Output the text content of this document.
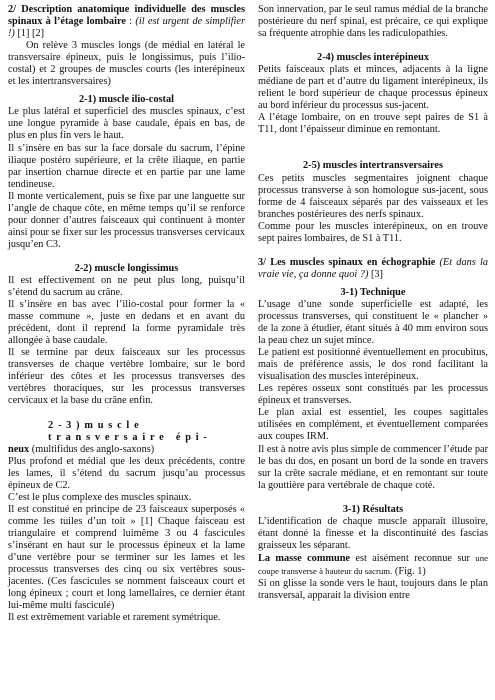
2/ Description anatomique individuelle des muscles spinaux à l’étage lombaire : (il est urgent de simplifier !) [1] [2]

On relève 3 muscles longs (de médial en latéral le transversaire épineux, puis le longissimus, puis l’ilio-costal) et 2 groupes de muscles courts (les interépineux et les intertransversaires)

2-1) muscle ilio-costal

Le plus latéral et superficiel des muscles spinaux, c’est une longue pyramide à base caudale, épais en bas, de plus en plus fin vers le haut.

Il s’insère en bas sur la face dorsale du sacrum, l’épine iliaque postéro supérieure, et la crête iliaque, en partie par insertion charnue directe et en partie par une lame tendineuse.

Il monte verticalement, puis se fixe par une languette sur l’angle de chaque côte, en même temps qu’il se renforce pour donner d’autres faisceaux qui continuent à monter ainsi pour se fixer sur les processus transverses cervicaux jusqu’en C3.

2-2) muscle longissimus

Il est effectivement on ne peut plus long, puisqu’il s’étend du sacrum au crâne.

Il s’insère en bas avec l’ilio-costal pour former la « masse commune », juste en dedans et en avant du précédent, dont il reprend la forme pyramidale très allongée à base caudale.

Il se termine par deux faisceaux sur les processus transverses de chaque vertèbre lombaire, sur le bord inférieur des côtes et les processus transverses des vertèbres thoraciques, sur les processus transverses cervicaux et la base du crâne enfin.

2-3)muscle transversaire épi-

neux (multifidus des anglo-saxons)

Plus profond et médial que les deux précédents, contre les lames, il s’étend du sacrum jusqu’au processus épineux de C2.

C’est le plus complexe des muscles spinaux.

Il est constitué en principe de 23 faisceaux superposés « comme les tuiles d’un toit » [1] Chaque faisceau est triangulaire et comprend luimême 3 ou 4 fascicules s’insérant en haut sur le processus épineux et la lame d’une vertèbre pour se terminer sur les lames et les processus transverses des cinq ou six vertèbres sous-jacentes. (Ces fascicules se nomment faisceaux court et long épineux ; court et long lamellaires, ce dernier étant lui-même multi fasciculé)

Il est extrêmement variable et rarement symétrique.

Son innervation, par le seul ramus médial de la branche postérieure du nerf spinal, est précaire, ce qui explique sa fréquente atrophie dans les radiculopathies.

2-4) muscles interépineux

Petits faisceaux plats et minces, adjacents à la ligne médiane de part et d’autre du ligament interépineux, ils relient le bord supérieur de chaque processus épineux au bord inférieur du processus sus-jacent.

A l’étage lombaire, on en trouve sept paires de S1 à T11, dont l’épaisseur diminue en remontant.

2-5) muscles intertransversaires

Ces petits muscles segmentaires joignent chaque processus transverse à son homologue sus-jacent, sous forme de 4 faisceaux séparés par des vaisseaux et les branches postérieures des nerfs spinaux.

Comme pour les muscles interépineux, on en trouve sept paires lombaires, de S1 à T11.

3/ Les muscles spinaux en échographie (Et dans la vraie vie, ça donne quoi ?) [3]

3-1) Technique

L’usage d’une sonde superficielle est adapté, les processus transverses, qui constituent le « plancher » de la zone à étudier, étant situés à 40 mm environ sous la peau chez un sujet mince.

Le patient est positionné éventuellement en procubitus, mais de préférence assis, le dos rond facilitant la visualisation des muscles interépineux.

Les repères osseux sont constitués par les processus épineux et transverses.

Le plan axial est essentiel, les coupes sagittales utilisées en complément, et éventuellement comparées aux coupes IRM.

Il est à notre avis plus simple de commencer l’étude par le bas du dos, en posant un bord de la sonde en travers sur la crête sacrale médiane, et en remontant sur toute la gouttière para vertébrale de chaque coté.

3-1) Résultats

L’identification de chaque muscle apparaît illusoire, étant donné la finesse et la discontinuité des fascias graisseux les séparant.

La masse commune est aisément reconnue sur une coupe transverse à hauteur du sacrum. (Fig. 1)

Si on glisse la sonde vers le haut, toujours dans le plan transversal, apparait la division entre
